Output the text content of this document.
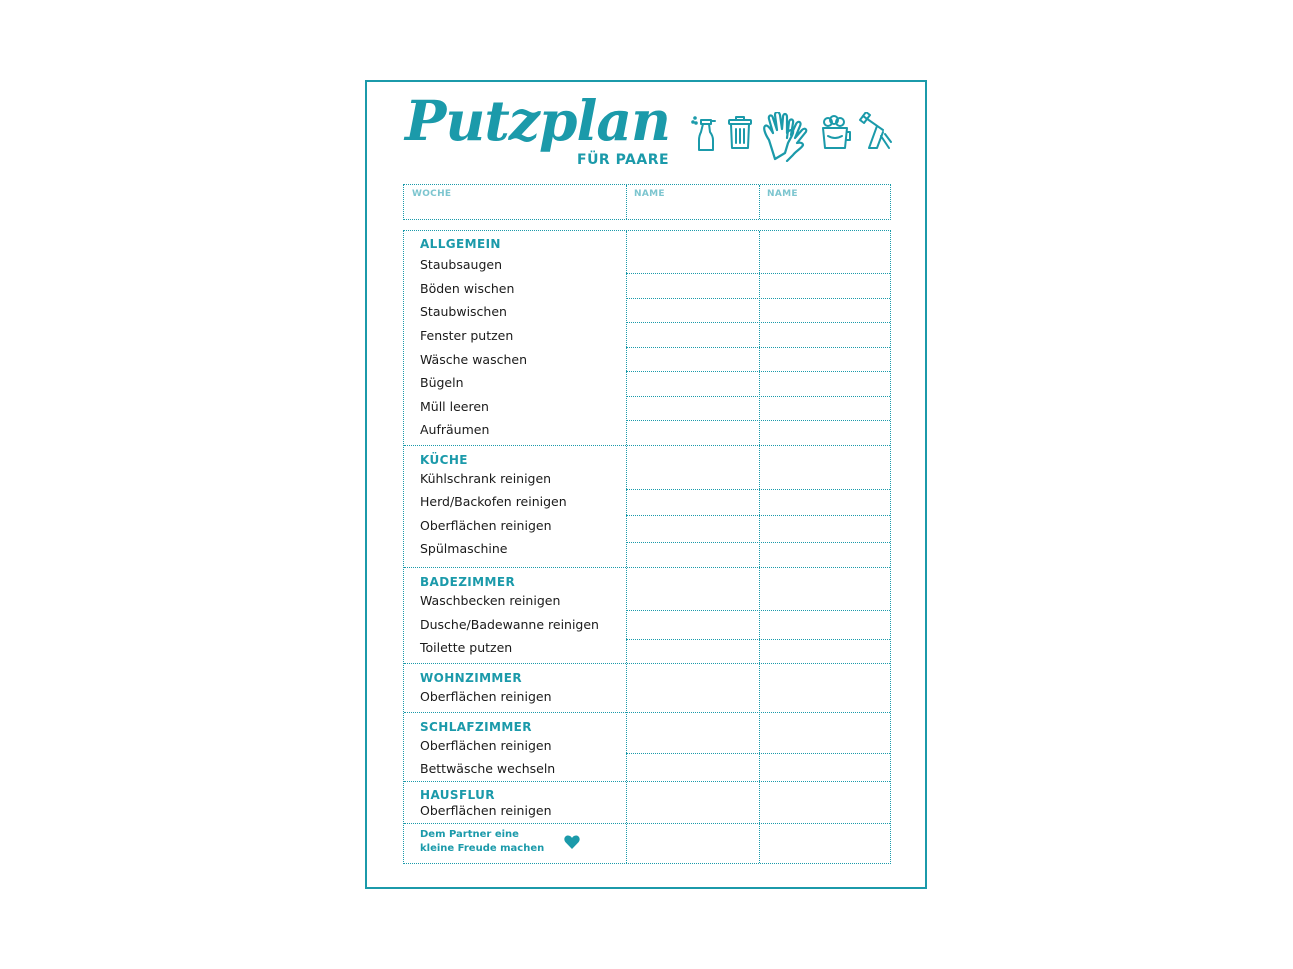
Putzplan
FÜR PAARE
WOCHE	NAME	NAME
ALLGEMEIN
Staubsaugen
Böden wischen
Staubwischen
Fenster putzen
Wäsche waschen
Bügeln
Müll leeren
Aufräumen
KÜCHE
Kühlschrank reinigen
Herd/Backofen reinigen
Oberflächen reinigen
Spülmaschine
BADEZIMMER
Waschbecken reinigen
Dusche/Badewanne reinigen
Toilette putzen
WOHNZIMMER
Oberflächen reinigen
SCHLAFZIMMER
Oberflächen reinigen
Bettwäsche wechseln
HAUSFLUR
Oberflächen reinigen
Dem Partner eine
kleine Freude machen
